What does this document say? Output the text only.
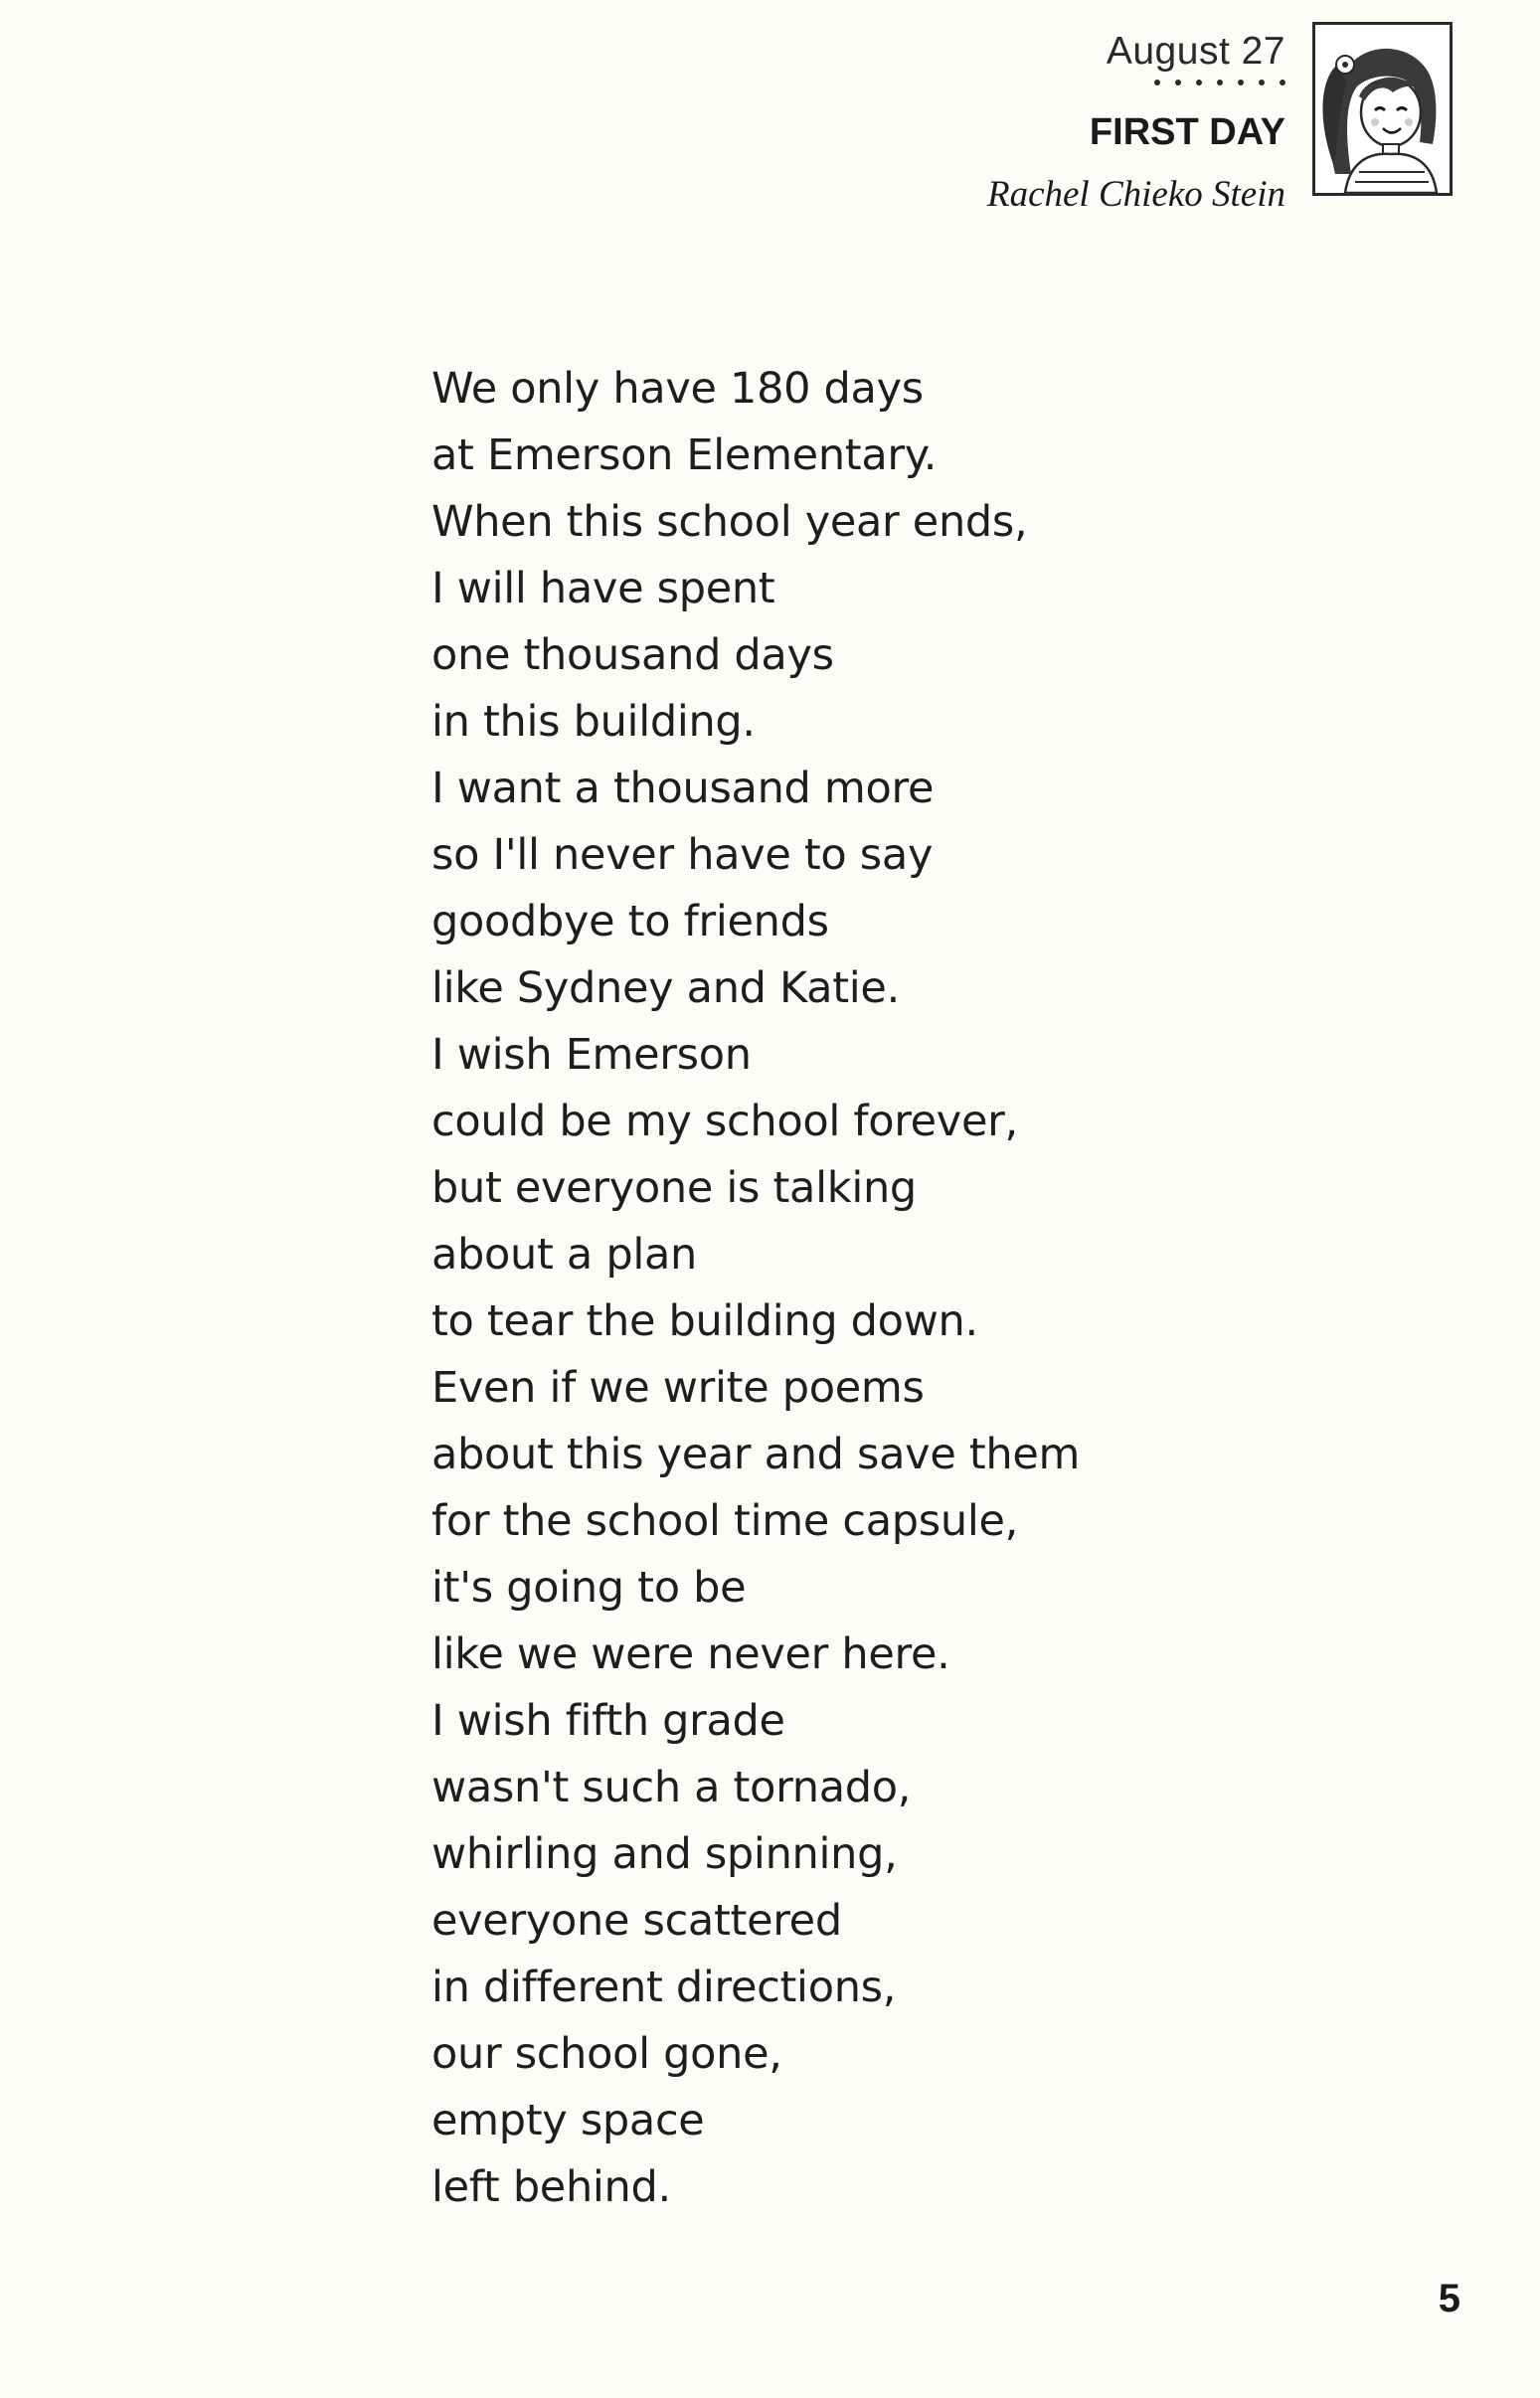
August 27
FIRST DAY
Rachel Chieko Stein
We only have 180 days
at Emerson Elementary.
When this school year ends,
I will have spent
one thousand days
in this building.
I want a thousand more
so I'll never have to say
goodbye to friends
like Sydney and Katie.
I wish Emerson
could be my school forever,
but everyone is talking
about a plan
to tear the building down.
Even if we write poems
about this year and save them
for the school time capsule,
it's going to be
like we were never here.
I wish fifth grade
wasn't such a tornado,
whirling and spinning,
everyone scattered
in different directions,
our school gone,
empty space
left behind.
5
